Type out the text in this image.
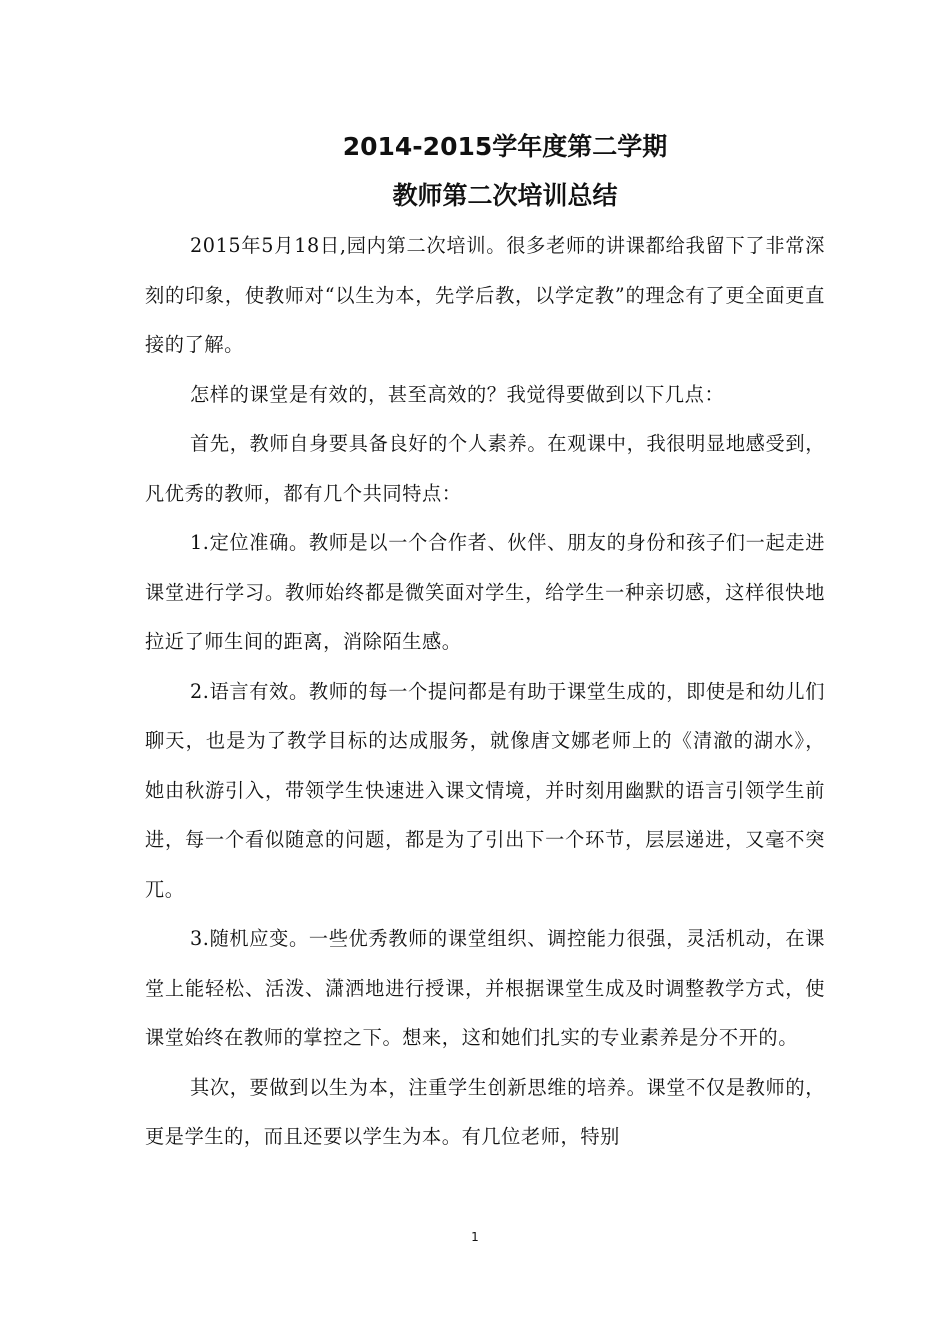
2014-2015学年度第二学期
教师第二次培训总结

2015年5月18日,园内第二次培训。很多老师的讲课都给我留下了非常深刻的印象，使教师对“以生为本，先学后教，以学定教”的理念有了更全面更直接的了解。

怎样的课堂是有效的，甚至高效的？我觉得要做到以下几点：

首先，教师自身要具备良好的个人素养。在观课中，我很明显地感受到，凡优秀的教师，都有几个共同特点：

1.定位准确。教师是以一个合作者、伙伴、朋友的身份和孩子们一起走进课堂进行学习。教师始终都是微笑面对学生，给学生一种亲切感，这样很快地拉近了师生间的距离，消除陌生感。

2.语言有效。教师的每一个提问都是有助于课堂生成的，即使是和幼儿们聊天，也是为了教学目标的达成服务，就像唐文娜老师上的《清澈的湖水》，她由秋游引入，带领学生快速进入课文情境，并时刻用幽默的语言引领学生前进，每一个看似随意的问题，都是为了引出下一个环节，层层递进，又毫不突兀。

3.随机应变。一些优秀教师的课堂组织、调控能力很强，灵活机动，在课堂上能轻松、活泼、潇洒地进行授课，并根据课堂生成及时调整教学方式，使课堂始终在教师的掌控之下。想来，这和她们扎实的专业素养是分不开的。

其次，要做到以生为本，注重学生创新思维的培养。课堂不仅是教师的，更是学生的，而且还要以学生为本。有几位老师，特别

1
